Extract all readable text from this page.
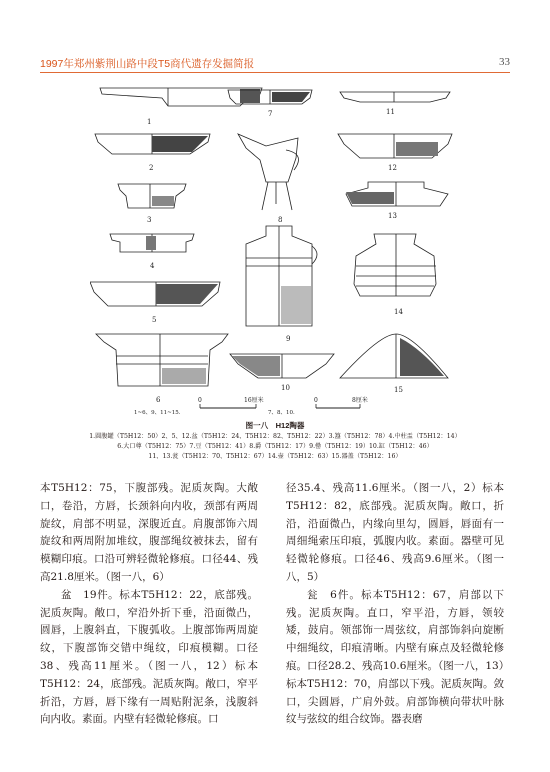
1997年郑州紫荆山路中段T5商代遗存发掘简报	33
1
2
3
4
5
6
7
8
9
10
11
12
13
14
15
0	16厘米
1~6、9、11~15.
0	8厘米
7、8、10.
图一八　H12陶器
1.圆腹罐（T5H12：50）2、5、12.盆（T5H12：24、T5H12：82、T5H12：22）3.簋（T5H12：78）4.中柱盂（T5H12：14）
6.大口尊（T5H12：75）7.豆（T5H12：41）8.爵（T5H12：17）9.罍（T5H12：19）10.缸（T5H12：46）
11、13.瓮（T5H12：70、T5H12：67）14.壶（T5H12：63）15.器盖（T5H12：16）

本T5H12：75，下腹部残。泥质灰陶。大敞口，卷沿，方唇，长颈斜向内收，颈部有两周旋纹，肩部不明显，深腹近直。肩腹部饰六周旋纹和两周附加堆纹，腹部绳纹被抹去，留有模糊印痕。口沿可辨轻微轮修痕。口径44、残高21.8厘米。（图一八，6）

盆　19件。标本T5H12：22，底部残。泥质灰陶。敞口，窄沿外折下垂，沿面微凸，圆唇，上腹斜直，下腹弧收。上腹部饰两周旋纹，下腹部饰交错中绳纹，印痕模糊。口径38、残高11厘米。（图一八，12）标本T5H12：24，底部残。泥质灰陶。敞口，窄平折沿，方唇，唇下缘有一周贴附泥条，浅腹斜向内收。素面。内壁有轻微轮修痕。口

径35.4、残高11.6厘米。（图一八，2）标本T5H12：82，底部残。泥质灰陶。敞口，折沿，沿面微凸，内缘向里勾，圆唇，唇面有一周细绳索压印痕，弧腹内收。素面。器壁可见轻微轮修痕。口径46、残高9.6厘米。（图一八，5）

瓮　6件。标本T5H12：67，肩部以下残。泥质灰陶。直口，窄平沿，方唇，领较矮，鼓肩。领部饰一周弦纹，肩部饰斜向旋断中细绳纹，印痕清晰。内壁有麻点及轻微轮修痕。口径28.2、残高10.6厘米。（图一八，13）标本T5H12：70，肩部以下残。泥质灰陶。敛口，尖圆唇，广肩外鼓。肩部饰横向带状叶脉纹与弦纹的组合纹饰。器表磨
